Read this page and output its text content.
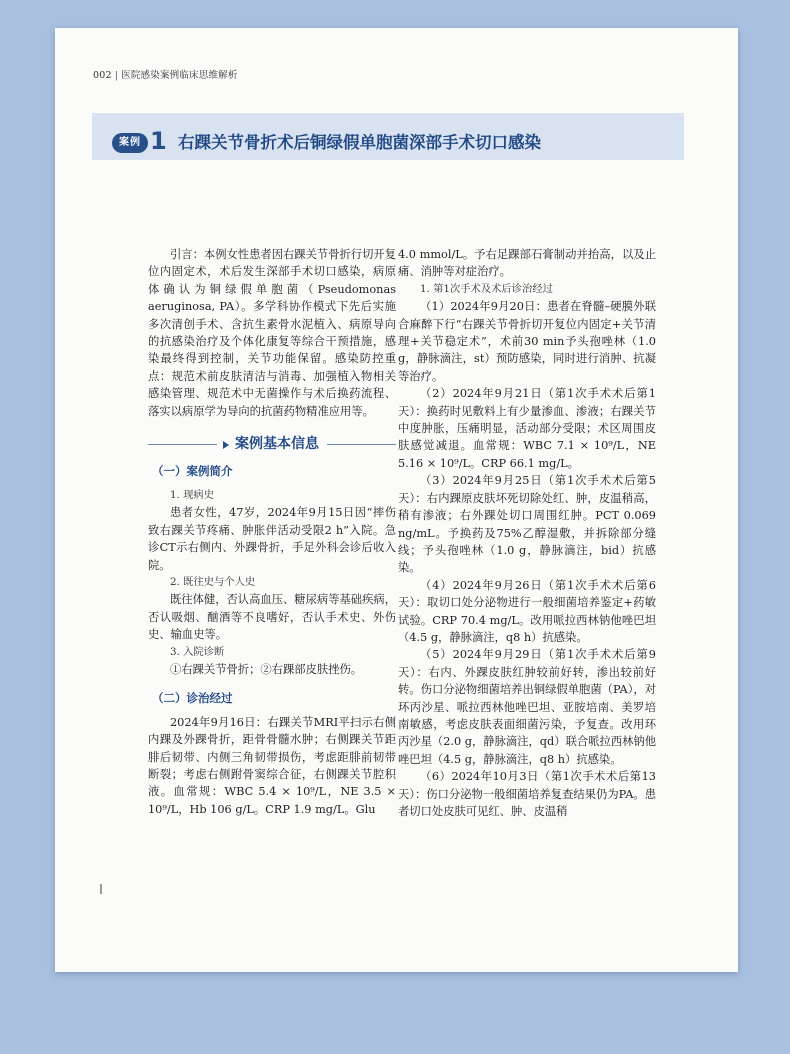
002 | 医院感染案例临床思维解析
案例 1 右踝关节骨折术后铜绿假单胞菌深部手术切口感染

引言：本例女性患者因右踝关节骨折行切开复位内固定术，术后发生深部手术切口感染，病原体确认为铜绿假单胞菌（Pseudomonas aeruginosa, PA）。多学科协作模式下先后实施多次清创手术、含抗生素骨水泥植入、病原导向的抗感染治疗及个体化康复等综合干预措施，感染最终得到控制，关节功能保留。感染防控重点：规范术前皮肤清洁与消毒、加强植入物相关感染管理、规范术中无菌操作与术后换药流程、落实以病原学为导向的抗菌药物精准应用等。

案例基本信息
（一）案例简介

1. 现病史

患者女性，47岁，2024年9月15日因“摔伤致右踝关节疼痛、肿胀伴活动受限2 h”入院。急诊CT示右侧内、外踝骨折，手足外科会诊后收入院。

2. 既往史与个人史

既往体健，否认高血压、糖尿病等基础疾病，否认吸烟、酗酒等不良嗜好，否认手术史、外伤史、输血史等。

3. 入院诊断

①右踝关节骨折；②右踝部皮肤挫伤。

（二）诊治经过

2024年9月16日：右踝关节MRI平扫示右侧内踝及外踝骨折，距骨骨髓水肿；右侧踝关节距腓后韧带、内侧三角韧带损伤，考虑距腓前韧带断裂；考虑右侧跗骨窦综合征，右侧踝关节腔积液。血常规：WBC 5.4 × 10⁹/L，NE 3.5 × 10⁹/L，Hb 106 g/L。CRP 1.9 mg/L。Glu

4.0 mmol/L。予右足踝部石膏制动并抬高，以及止痛、消肿等对症治疗。

1. 第1次手术及术后诊治经过

（1）2024年9月20日：患者在脊髓–硬膜外联合麻醉下行“右踝关节骨折切开复位内固定+关节清理+关节稳定术”，术前30 min予头孢唑林（1.0 g，静脉滴注，st）预防感染，同时进行消肿、抗凝等治疗。

（2）2024年9月21日（第1次手术术后第1天）：换药时见敷料上有少量渗血、渗液；右踝关节中度肿胀，压痛明显，活动部分受限；术区周围皮肤感觉减退。血常规：WBC 7.1 × 10⁹/L，NE 5.16 × 10⁹/L。CRP 66.1 mg/L。

（3）2024年9月25日（第1次手术术后第5天）：右内踝原皮肤坏死切除处红、肿，皮温稍高，稍有渗液；右外踝处切口周围红肿。PCT 0.069 ng/mL。予换药及75%乙醇湿敷，并拆除部分缝线；予头孢唑林（1.0 g，静脉滴注，bid）抗感染。

（4）2024年9月26日（第1次手术术后第6天）：取切口处分泌物进行一般细菌培养鉴定+药敏试验。CRP 70.4 mg/L。改用哌拉西林钠他唑巴坦（4.5 g，静脉滴注，q8 h）抗感染。

（5）2024年9月29日（第1次手术术后第9天）：右内、外踝皮肤红肿较前好转，渗出较前好转。伤口分泌物细菌培养出铜绿假单胞菌（PA），对环丙沙星、哌拉西林他唑巴坦、亚胺培南、美罗培南敏感，考虑皮肤表面细菌污染，予复查。改用环丙沙星（2.0 g，静脉滴注，qd）联合哌拉西林钠他唑巴坦（4.5 g，静脉滴注，q8 h）抗感染。

（6）2024年10月3日（第1次手术术后第13天）：伤口分泌物一般细菌培养复查结果仍为PA。患者切口处皮肤可见红、肿、皮温稍
